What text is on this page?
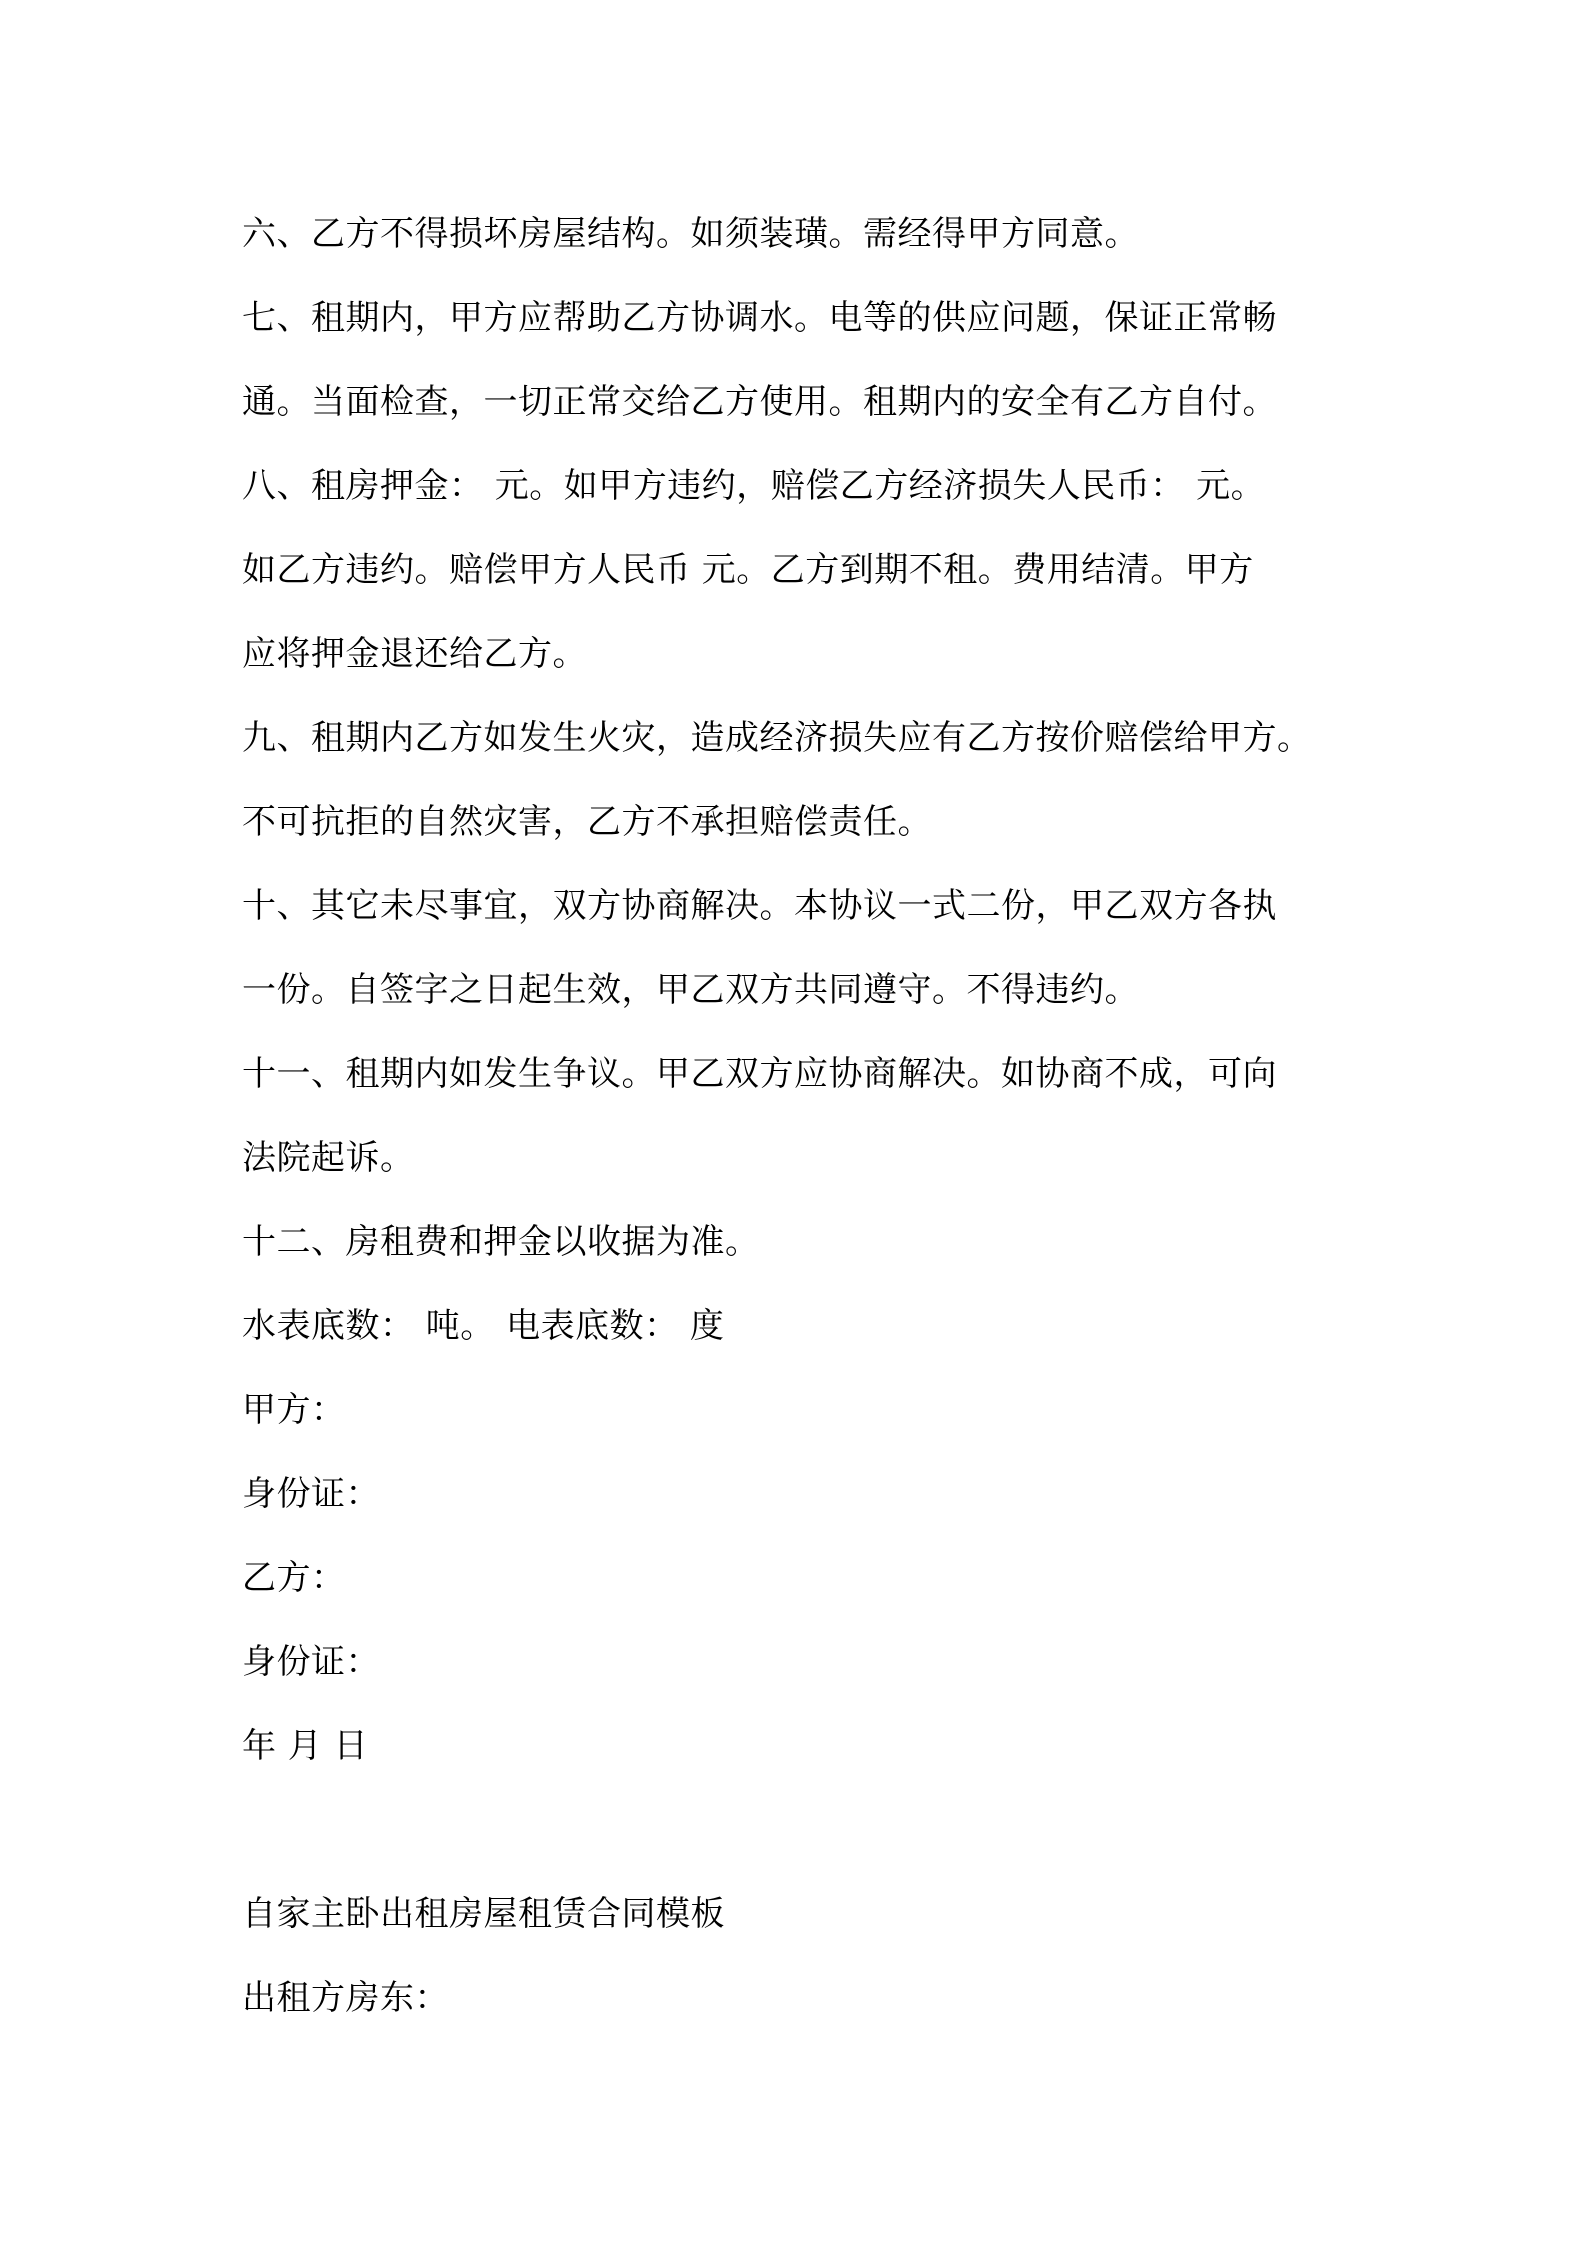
六、乙方不得损坏房屋结构。如须装璜。需经得甲方同意。
七、租期内，甲方应帮助乙方协调水。电等的供应问题，保证正常畅
通。当面检查，一切正常交给乙方使用。租期内的安全有乙方自付。
八、租房押金： 元。如甲方违约，赔偿乙方经济损失人民币： 元。
如乙方违约。赔偿甲方人民币 元。乙方到期不租。费用结清。甲方
应将押金退还给乙方。
九、租期内乙方如发生火灾，造成经济损失应有乙方按价赔偿给甲方。
不可抗拒的自然灾害，乙方不承担赔偿责任。
十、其它未尽事宜，双方协商解决。本协议一式二份，甲乙双方各执
一份。自签字之日起生效，甲乙双方共同遵守。不得违约。
十一、租期内如发生争议。甲乙双方应协商解决。如协商不成，可向
法院起诉。
十二、房租费和押金以收据为准。
水表底数： 吨。 电表底数： 度
甲方：
身份证：
乙方：
身份证：
年 月 日
自家主卧出租房屋租赁合同模板
出租方房东：
